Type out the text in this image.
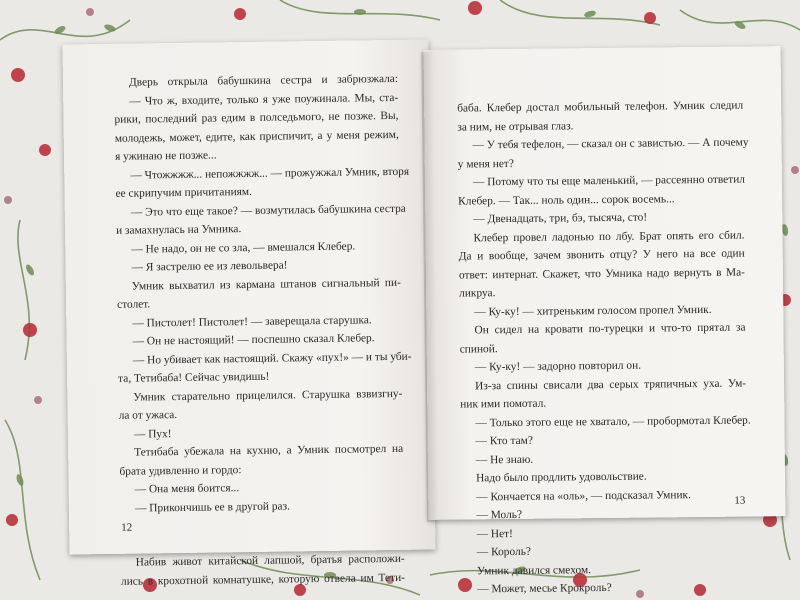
Дверь открыла бабушкина сестра и забрюзжала:
— Что ж, входите, только я уже поужинала. Мы, ста-
рики, последний раз едим в полседьмого, не позже. Вы,
молодежь, может, едите, как приспичит, а у меня режим,
я ужинаю не позже...
— Чтожжжж... непожжжж... — прожужжал Умник, вторя
ее скрипучим причитаниям.
— Это что еще такое? — возмутилась бабушкина сестра
и замахнулась на Умника.
— Не надо, он не со зла, — вмешался Клебер.
— Я застрелю ее из левольвера!
Умник выхватил из кармана штанов сигнальный пи-
столет.
— Пистолет! Пистолет! — заверещала старушка.
— Он не настоящий! — поспешно сказал Клебер.
— Но убивает как настоящий. Скажу «пух!» — и ты уби-
та, Тетибаба! Сейчас увидишь!
Умник старательно прицелился. Старушка взвизгну-
ла от ужаса.
— Пух!
Тетибаба убежала на кухню, а Умник посмотрел на
брата удивленно и гордо:
— Она меня боится...
— Прикончишь ее в другой раз.
Набив живот китайской лапшой, братья расположи-
лись в крохотной комнатушке, которую отвела им Тети-
12
баба. Клебер достал мобильный телефон. Умник следил
за ним, не отрывая глаз.
— У тебя тефелон, — сказал он с завистью. — А почему
у меня нет?
— Потому что ты еще маленький, — рассеянно ответил
Клебер. — Так... ноль один... сорок восемь...
— Двенадцать, три, бэ, тысяча, сто!
Клебер провел ладонью по лбу. Брат опять его сбил.
Да и вообще, зачем звонить отцу? У него на все один
ответ: интернат. Скажет, что Умника надо вернуть в Ма-
ликруа.
— Ку-ку! — хитреньким голосом пропел Умник.
Он сидел на кровати по-турецки и что-то прятал за
спиной.
— Ку-ку! — задорно повторил он.
Из-за спины свисали два серых тряпичных уха. Ум-
ник ими помотал.
— Только этого еще не хватало, — пробормотал Клебер.
— Кто там?
— Не знаю.
Надо было продлить удовольствие.
— Кончается на «оль», — подсказал Умник.
— Моль?
— Нет!
— Король?
Умник давился смехом.
— Может, месье Крокроль?
13
